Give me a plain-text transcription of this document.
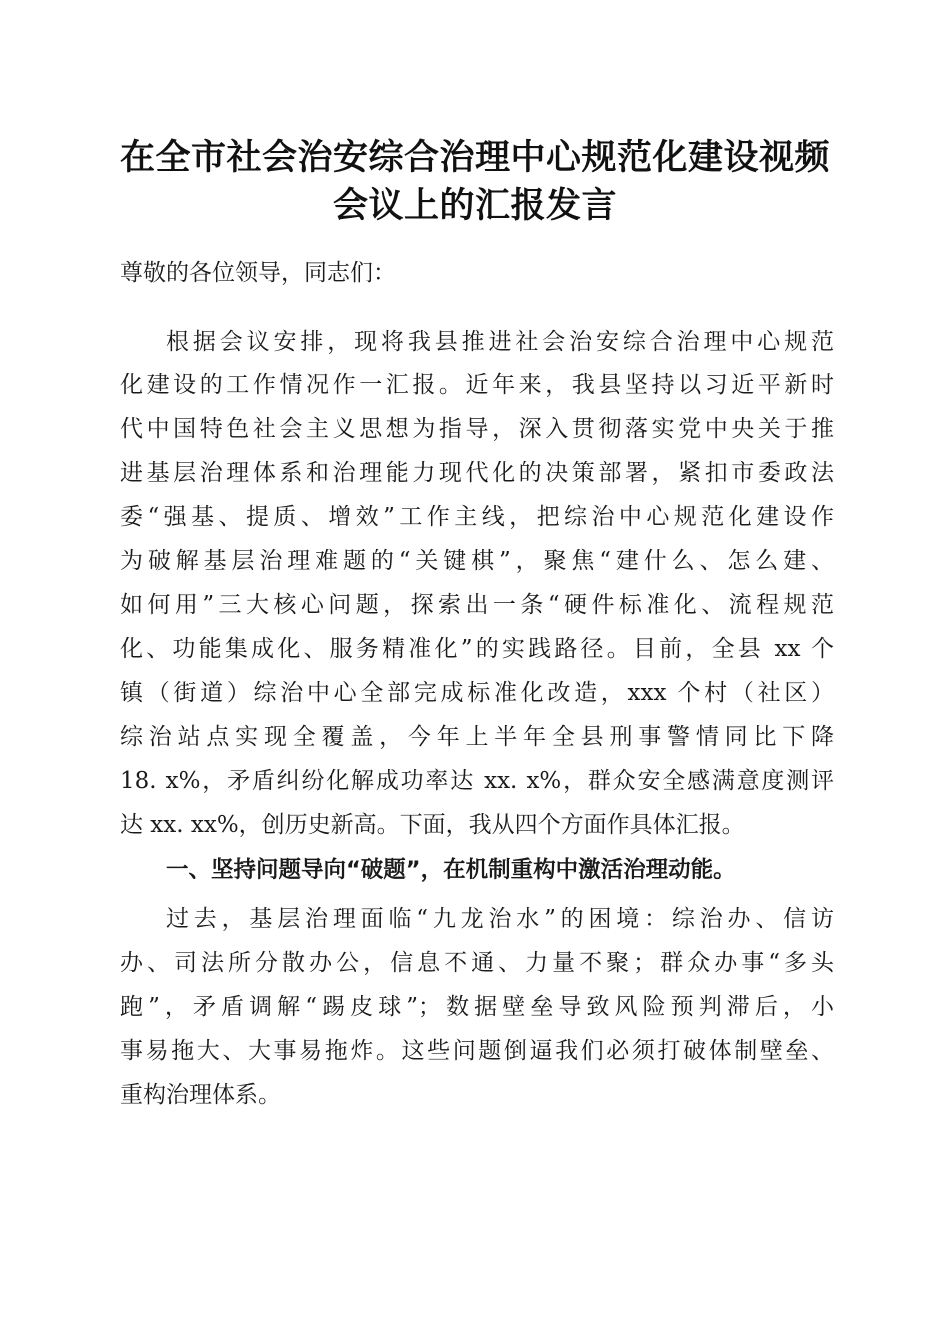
在全市社会治安综合治理中心规范化建设视频
会议上的汇报发言
尊敬的各位领导，同志们：
根据会议安排，现将我县推进社会治安综合治理中心规范
化建设的工作情况作一汇报。近年来，我县坚持以习近平新时
代中国特色社会主义思想为指导，深入贯彻落实党中央关于推
进基层治理体系和治理能力现代化的决策部署，紧扣市委政法
委“强基、提质、增效”工作主线，把综治中心规范化建设作
为破解基层治理难题的“关键棋”，聚焦“建什么、怎么建、
如何用”三大核心问题，探索出一条“硬件标准化、流程规范
化、功能集成化、服务精准化”的实践路径。目前，全县 xx 个
镇（街道）综治中心全部完成标准化改造，xxx 个村（社区）
综治站点实现全覆盖，今年上半年全县刑事警情同比下降
18. x%，矛盾纠纷化解成功率达 xx. x%，群众安全感满意度测评
达 xx. xx%，创历史新高。下面，我从四个方面作具体汇报。
一、坚持问题导向“破题”，在机制重构中激活治理动能。
过去，基层治理面临“九龙治水”的困境：综治办、信访
办、司法所分散办公，信息不通、力量不聚；群众办事“多头
跑”，矛盾调解“踢皮球”；数据壁垒导致风险预判滞后，小
事易拖大、大事易拖炸。这些问题倒逼我们必须打破体制壁垒、
重构治理体系。
